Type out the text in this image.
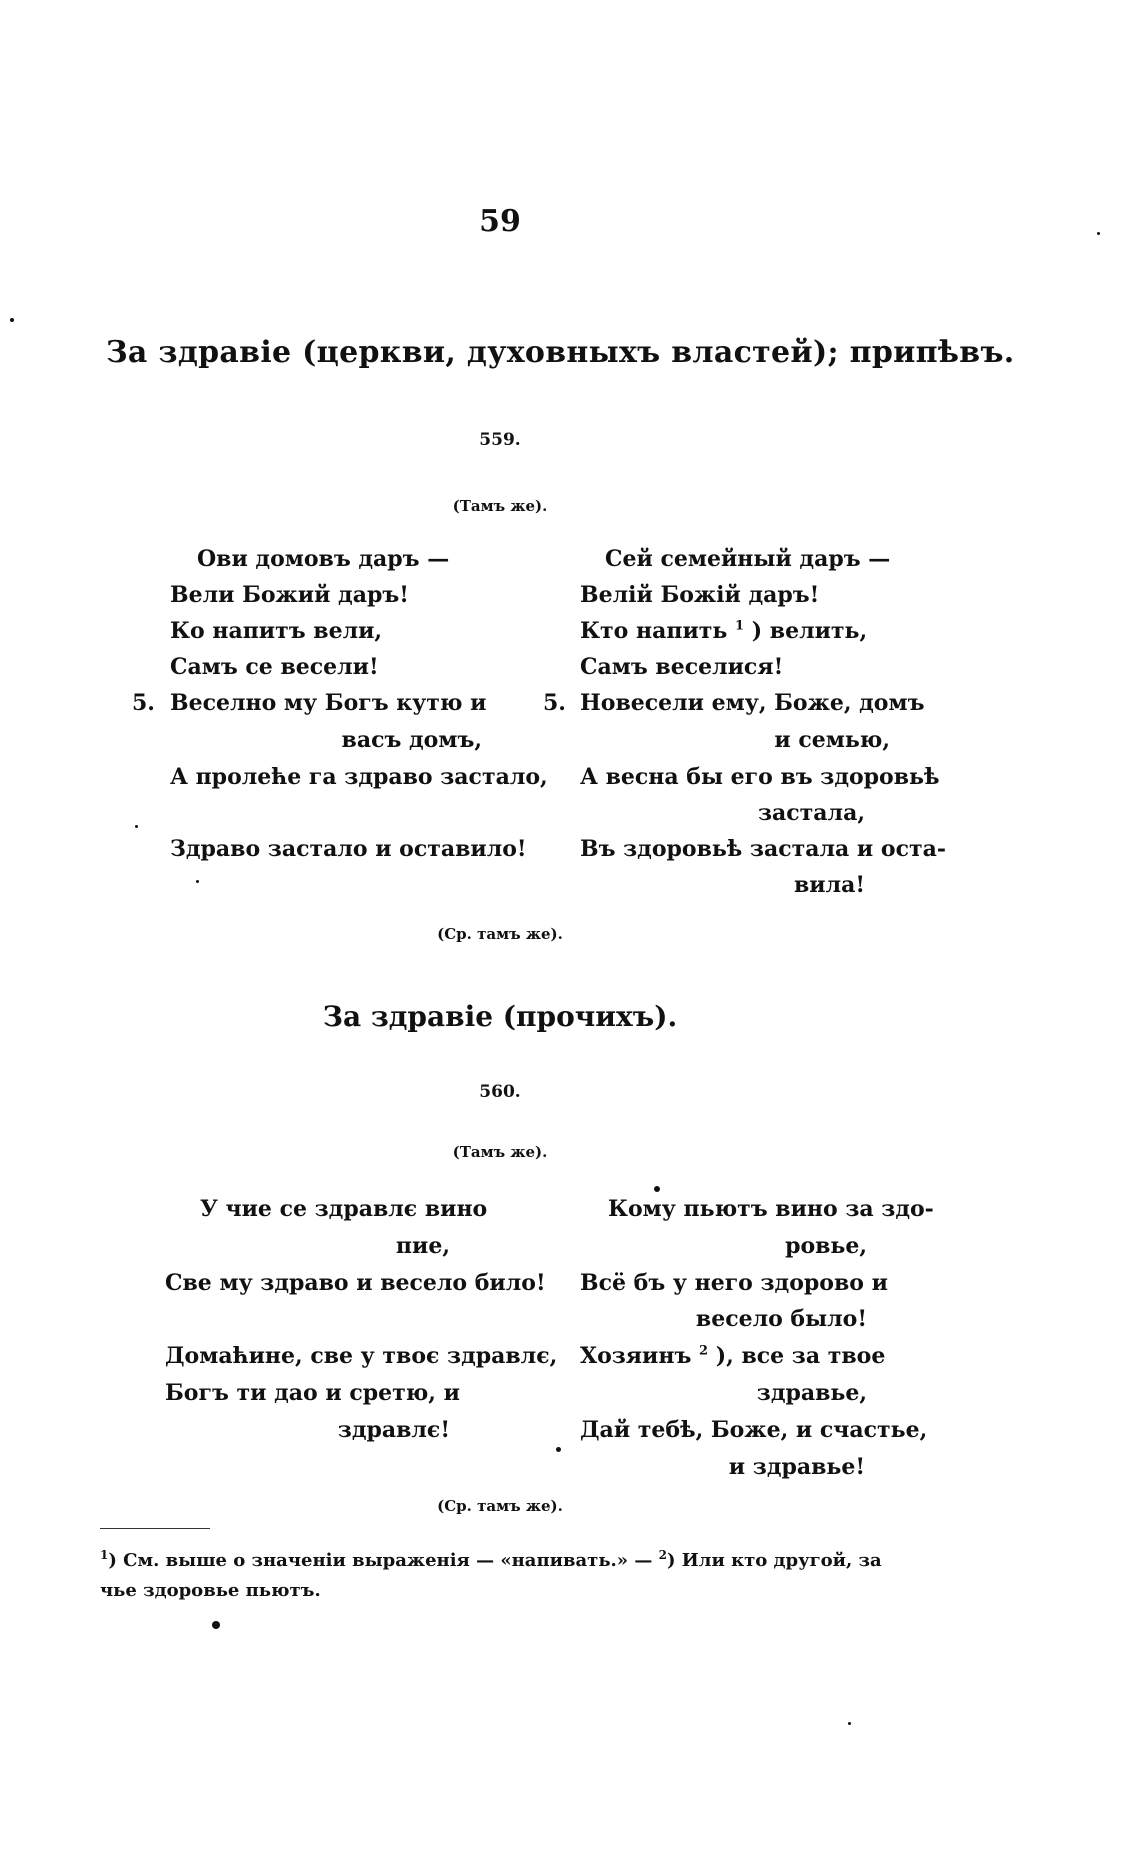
59
За здравіе (церкви, духовныхъ властей); припѣвъ.
559.
(Тамъ же).
Ови домовъ даръ —
Вели Божий даръ!
Ко напитъ вели,
Самъ се весели!
5. Веселно му Богъ кутю и
васъ домъ,
А пролеће га здраво застало,
Здраво застало и оставило!
Сей семейный даръ —
Велій Божій даръ!
Кто напить $^1$ ) велить,
Самъ веселися!
5. Новесели ему, Боже, домъ
и семью,
А весна бы его въ здоровьѣ
застала,
Въ здоровьѣ застала и оста-
вила!
(Ср. тамъ же).
За здравіе (прочихъ).
560.
(Тамъ же).
У чие се здравлє вино
пие,
Све му здраво и весело било!
Домаћине, све у твоє здравлє,
Богъ ти дао и сретю, и
здравлє!
Кому пьютъ вино за здо-
ровье,
Всё бъ у него здорово и
весело было!
Хозяинъ $^2$ ), все за твое
здравье,
Дай тебѣ, Боже, и счастье,
и здравье!
(Ср. тамъ же).
$^1$) См. выше о значеніи выраженія — «напивать.» — $^2$) Или кто другой, за
чье здоровье пьютъ.
